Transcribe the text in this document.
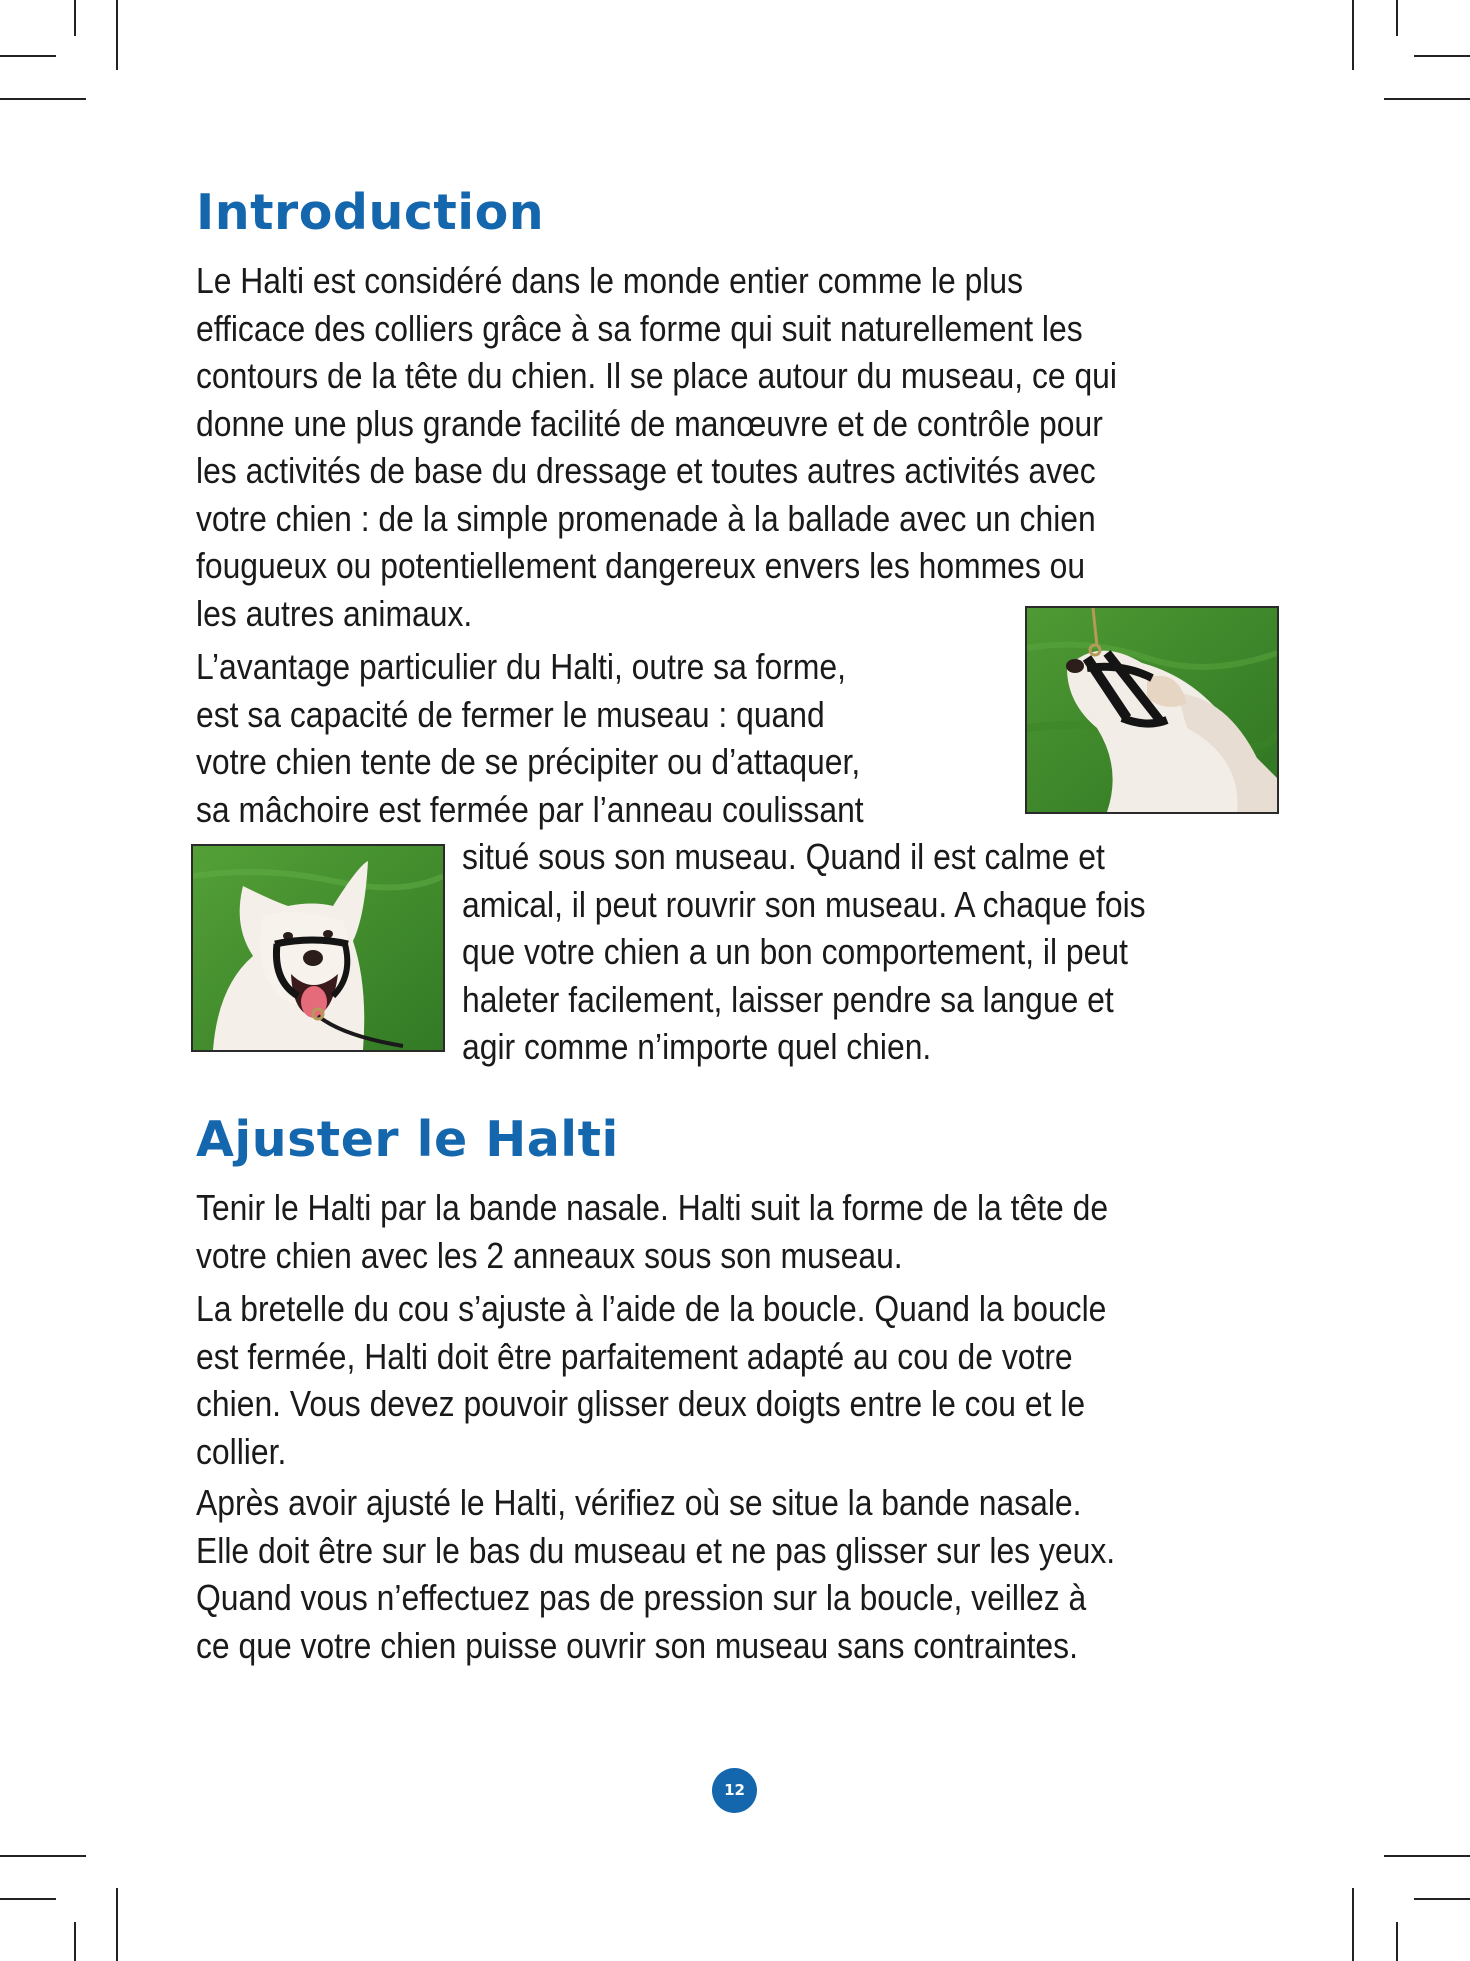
Introduction
Le Halti est considéré dans le monde entier comme le plus
efficace des colliers grâce à sa forme qui suit naturellement les
contours de la tête du chien. Il se place autour du museau, ce qui
donne une plus grande facilité de manœuvre et de contrôle pour
les activités de base du dressage et toutes autres activités avec
votre chien : de la simple promenade à la ballade avec un chien
fougueux ou potentiellement dangereux envers les hommes ou
les autres animaux.
L’avantage particulier du Halti, outre sa forme,
est sa capacité de fermer le museau : quand
votre chien tente de se précipiter ou d’attaquer,
sa mâchoire est fermée par l’anneau coulissant
situé sous son museau. Quand il est calme et
amical, il peut rouvrir son museau. A chaque fois
que votre chien a un bon comportement, il peut
haleter facilement, laisser pendre sa langue et
agir comme n’importe quel chien.
Ajuster le Halti
Tenir le Halti par la bande nasale. Halti suit la forme de la tête de
votre chien avec les 2 anneaux sous son museau.
La bretelle du cou s’ajuste à l’aide de la boucle. Quand la boucle
est fermée, Halti doit être parfaitement adapté au cou de votre
chien. Vous devez pouvoir glisser deux doigts entre le cou et le
collier.
Après avoir ajusté le Halti, vérifiez où se situe la bande nasale.
Elle doit être sur le bas du museau et ne pas glisser sur les yeux.
Quand vous n’effectuez pas de pression sur la boucle, veillez à
ce que votre chien puisse ouvrir son museau sans contraintes.
12
